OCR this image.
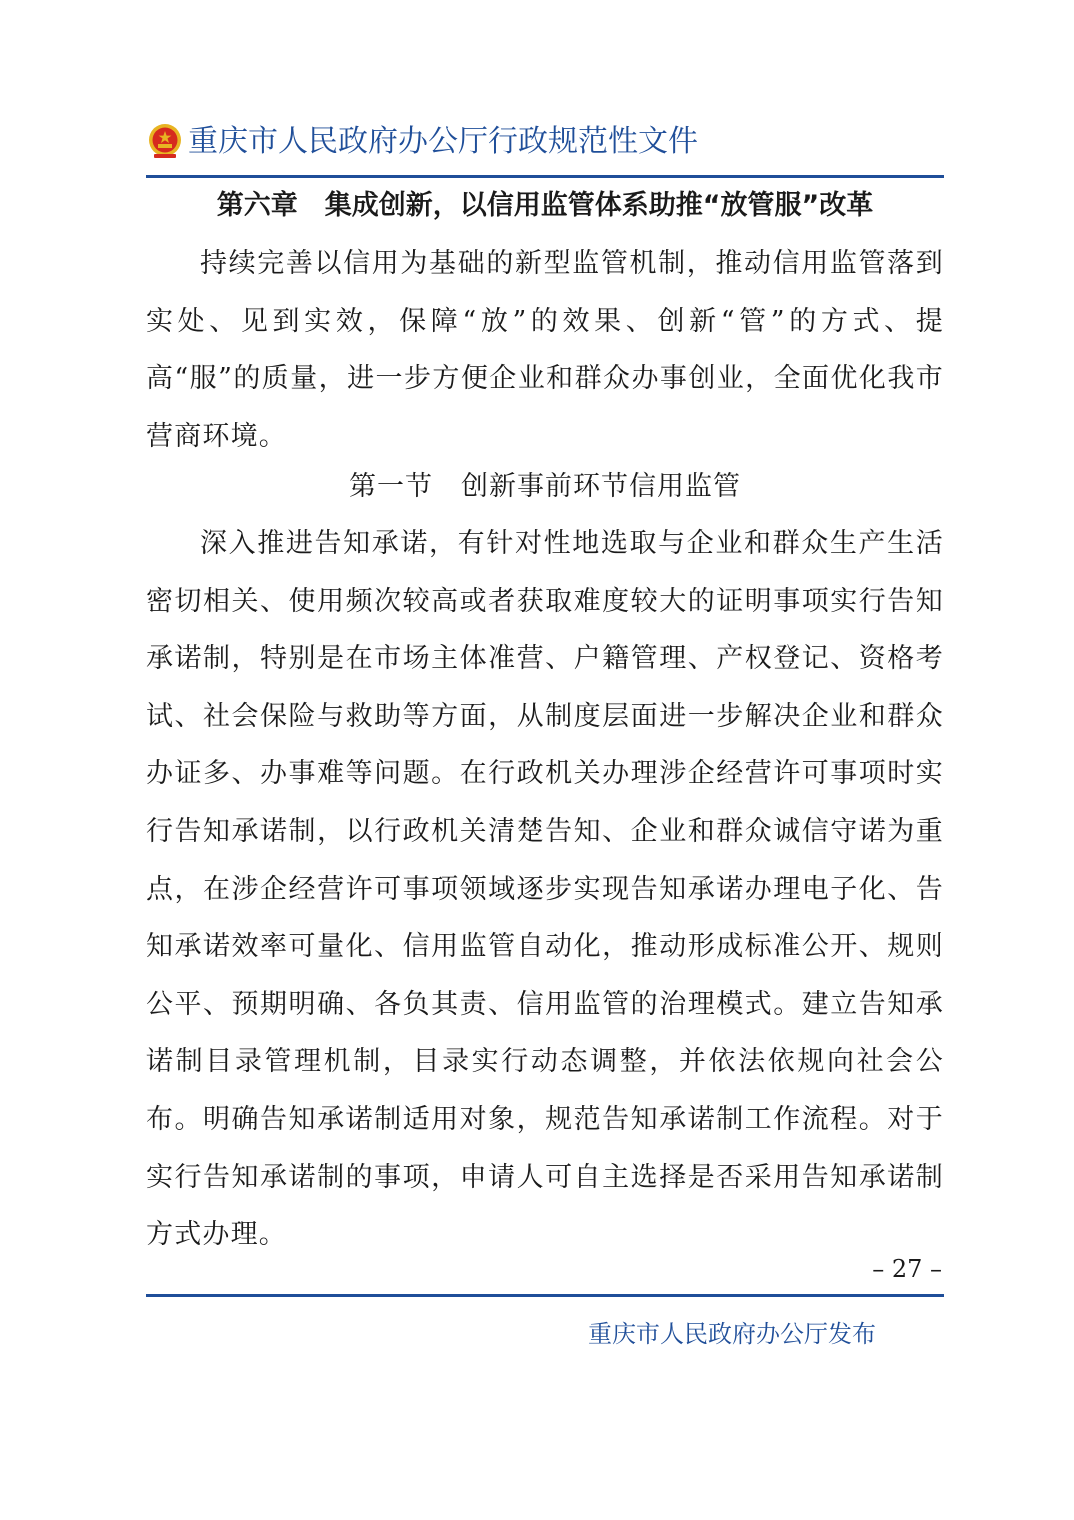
重庆市人民政府办公厅行政规范性文件
第六章　集成创新，以信用监管体系助推“放管服”改革

持续完善以信用为基础的新型监管机制，推动信用监管落到实处、见到实效，保障“放”的效果、创新“管”的方式、提高“服”的质量，进一步方便企业和群众办事创业，全面优化我市营商环境。

第一节　创新事前环节信用监管

深入推进告知承诺，有针对性地选取与企业和群众生产生活密切相关、使用频次较高或者获取难度较大的证明事项实行告知承诺制，特别是在市场主体准营、户籍管理、产权登记、资格考试、社会保险与救助等方面，从制度层面进一步解决企业和群众办证多、办事难等问题。在行政机关办理涉企经营许可事项时实行告知承诺制，以行政机关清楚告知、企业和群众诚信守诺为重点，在涉企经营许可事项领域逐步实现告知承诺办理电子化、告知承诺效率可量化、信用监管自动化，推动形成标准公开、规则公平、预期明确、各负其责、信用监管的治理模式。建立告知承诺制目录管理机制，目录实行动态调整，并依法依规向社会公布。明确告知承诺制适用对象，规范告知承诺制工作流程。对于实行告知承诺制的事项，申请人可自主选择是否采用告知承诺制方式办理。

– 27 –
重庆市人民政府办公厅发布
